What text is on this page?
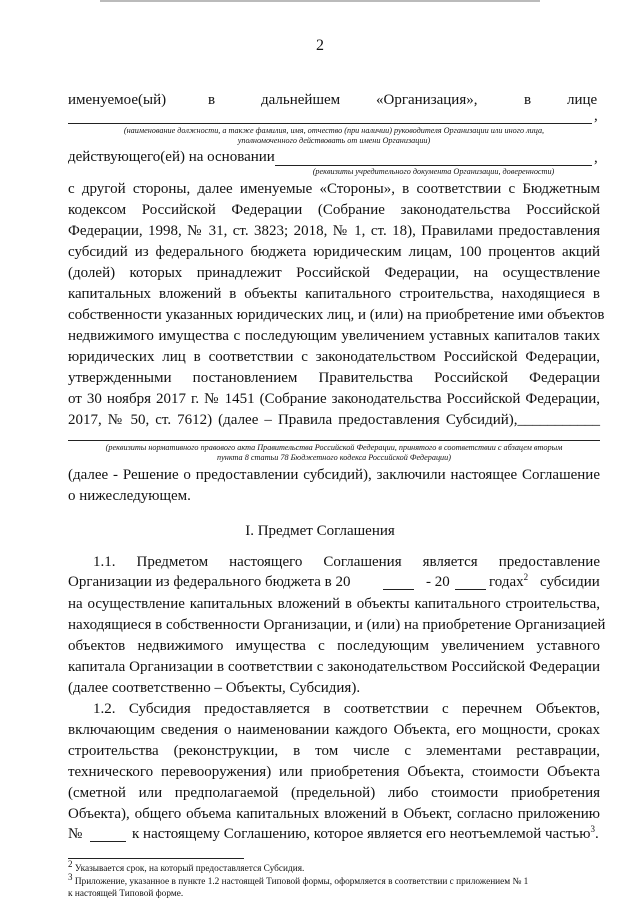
2
именуемое(ый)	в	дальнейшем «Организация»,	в лице
,
(наименование должности, а также фамилия, имя, отчество (при наличии) руководителя Организации или иного лица,
уполномоченного действовать от имени Организации)
действующего(ей) на основании	,
(реквизиты учредительного документа Организации, доверенности)
с другой стороны, далее именуемые «Стороны», в соответствии с Бюджетным
кодексом Российской Федерации (Собрание законодательства Российской
Федерации, 1998, № 31, ст. 3823; 2018, № 1, ст. 18), Правилами предоставления
субсидий из федерального бюджета юридическим лицам, 100 процентов акций
(долей) которых принадлежит Российской Федерации, на осуществление
капитальных вложений в объекты капитального строительства, находящиеся в
собственности указанных юридических лиц, и (или) на приобретение ими объектов
недвижимого имущества с последующим увеличением уставных капиталов таких
юридических лиц в соответствии с законодательством Российской Федерации,
утвержденными постановлением Правительства Российской Федерации
от 30 ноября 2017 г. № 1451 (Собрание законодательства Российской Федерации,
2017, № 50, ст. 7612) (далее – Правила предоставления Субсидий),___________
(реквизиты нормативного правового акта Правительства Российской Федерации, принятого в соответствии с абзацем вторым
пункта 8 статьи 78 Бюджетного кодекса Российской Федерации)
(далее - Решение о предоставлении субсидий), заключили настоящее Соглашение
о нижеследующем.
I. Предмет Соглашения
1.1. Предметом настоящего Соглашения является предоставление
Организации из федерального бюджета в 20	- 20	годах$^2$ субсидии
на осуществление капитальных вложений в объекты капитального строительства,
находящиеся в собственности Организации, и (или) на приобретение Организацией
объектов недвижимого имущества с последующим увеличением уставного
капитала Организации в соответствии с законодательством Российской Федерации
(далее соответственно – Объекты, Субсидия).
1.2. Субсидия предоставляется в соответствии с перечнем Объектов,
включающим сведения о наименовании каждого Объекта, его мощности, сроках
строительства (реконструкции, в том числе с элементами реставрации,
технического перевооружения) или приобретения Объекта, стоимости Объекта
(сметной или предполагаемой (предельной) либо стоимости приобретения
Объекта), общего объема капитальных вложений в Объект, согласно приложению
№	к настоящему Соглашению, которое является его неотъемлемой частью$^3$.
2 Указывается срок, на который предоставляется Субсидия.
3 Приложение, указанное в пункте 1.2 настоящей Типовой формы, оформляется в соответствии с приложением № 1
к настоящей Типовой форме.
